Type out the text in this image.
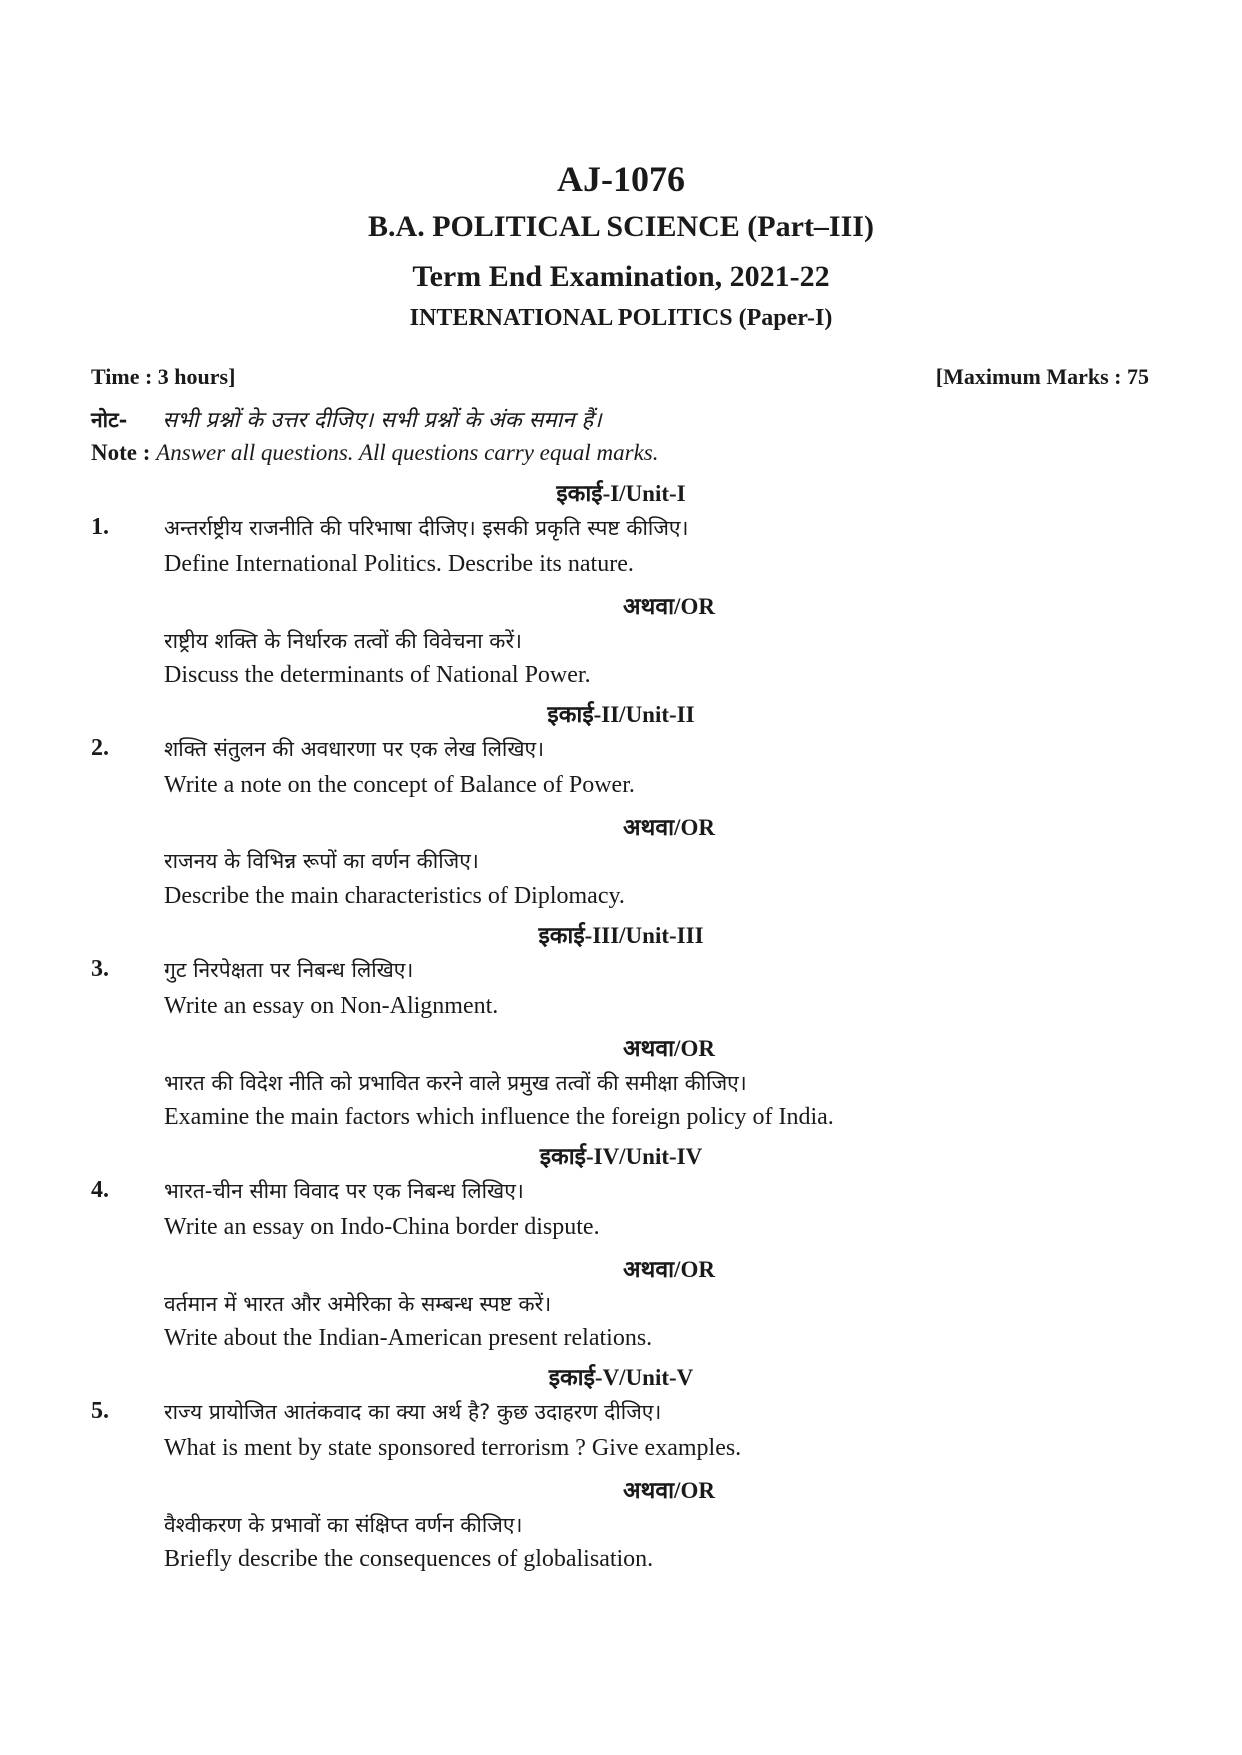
AJ-1076
B.A. POLITICAL SCIENCE (Part–III)
Term End Examination, 2021-22
INTERNATIONAL POLITICS (Paper-I)
Time : 3 hours]	[Maximum Marks : 75
नोट- सभी प्रश्नों के उत्तर दीजिए। सभी प्रश्नों के अंक समान हैं।
Note : Answer all questions. All questions carry equal marks.
इकाई-I/Unit-I
1.	अन्तर्राष्ट्रीय राजनीति की परिभाषा दीजिए। इसकी प्रकृति स्पष्ट कीजिए।
Define International Politics. Describe its nature.
अथवा/OR
राष्ट्रीय शक्ति के निर्धारक तत्वों की विवेचना करें।
Discuss the determinants of National Power.
इकाई-II/Unit-II
2.	शक्ति संतुलन की अवधारणा पर एक लेख लिखिए।
Write a note on the concept of Balance of Power.
अथवा/OR
राजनय के विभिन्न रूपों का वर्णन कीजिए।
Describe the main characteristics of Diplomacy.
इकाई-III/Unit-III
3.	गुट निरपेक्षता पर निबन्ध लिखिए।
Write an essay on Non-Alignment.
अथवा/OR
भारत की विदेश नीति को प्रभावित करने वाले प्रमुख तत्वों की समीक्षा कीजिए।
Examine the main factors which influence the foreign policy of India.
इकाई-IV/Unit-IV
4.	भारत-चीन सीमा विवाद पर एक निबन्ध लिखिए।
Write an essay on Indo-China border dispute.
अथवा/OR
वर्तमान में भारत और अमेरिका के सम्बन्ध स्पष्ट करें।
Write about the Indian-American present relations.
इकाई-V/Unit-V
5.	राज्य प्रायोजित आतंकवाद का क्या अर्थ है? कुछ उदाहरण दीजिए।
What is ment by state sponsored terrorism ? Give examples.
अथवा/OR
वैश्वीकरण के प्रभावों का संक्षिप्त वर्णन कीजिए।
Briefly describe the consequences of globalisation.
